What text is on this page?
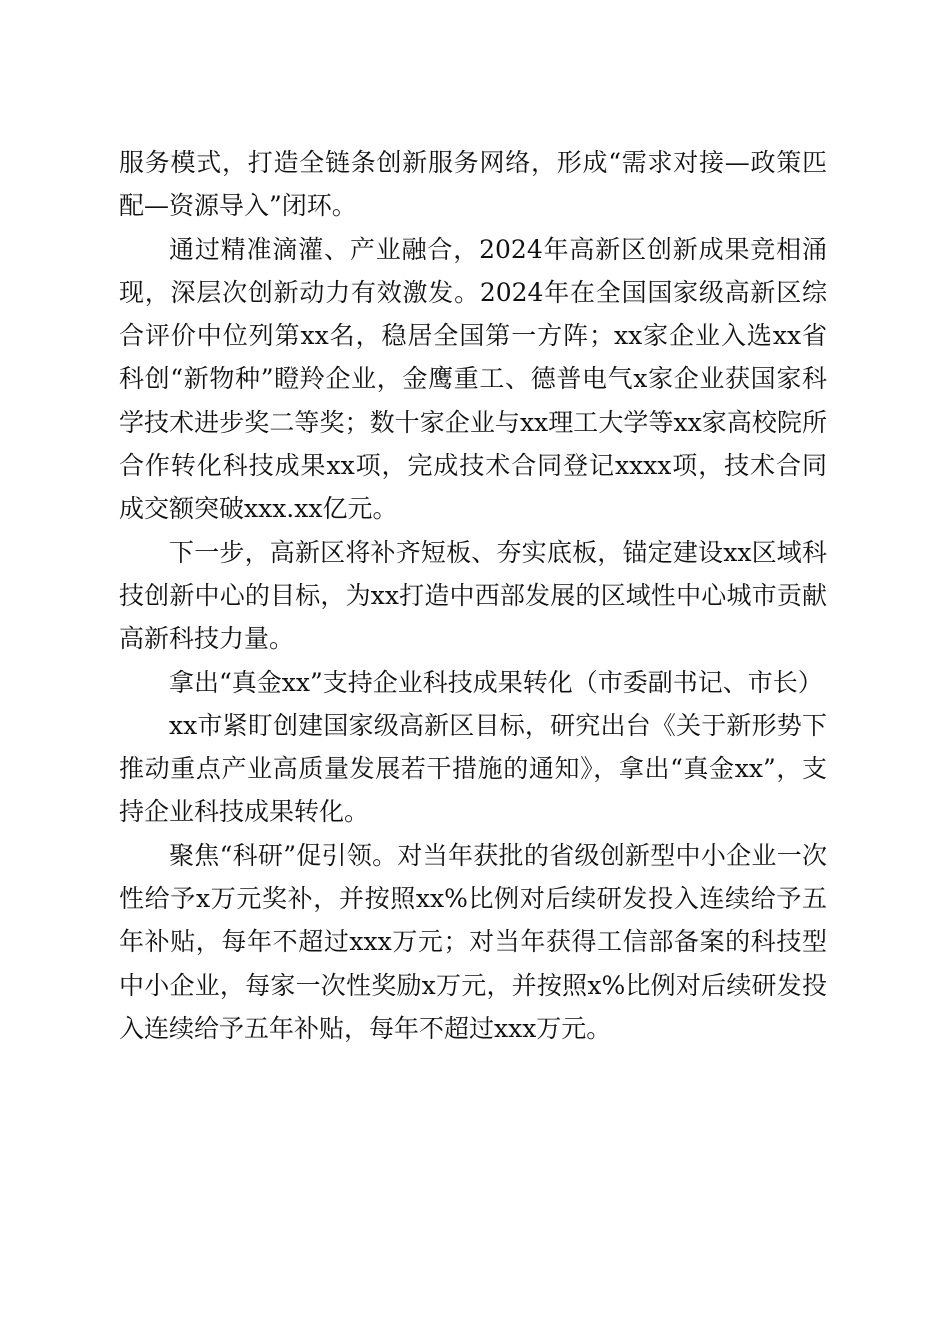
服务模式，打造全链条创新服务网络，形成“需求对接—政策匹配—资源导入”闭环。

通过精准滴灌、产业融合，2024年高新区创新成果竞相涌现，深层次创新动力有效激发。2024年在全国国家级高新区综合评价中位列第xx名，稳居全国第一方阵；xx家企业入选xx省科创“新物种”瞪羚企业，金鹰重工、德普电气x家企业获国家科学技术进步奖二等奖；数十家企业与xx理工大学等xx家高校院所合作转化科技成果xx项，完成技术合同登记xxxx项，技术合同成交额突破xxx.xx亿元。

下一步，高新区将补齐短板、夯实底板，锚定建设xx区域科技创新中心的目标，为xx打造中西部发展的区域性中心城市贡献高新科技力量。

拿出“真金xx”支持企业科技成果转化（市委副书记、市长）

xx市紧盯创建国家级高新区目标，研究出台《关于新形势下推动重点产业高质量发展若干措施的通知》，拿出“真金xx”，支持企业科技成果转化。

聚焦“科研”促引领。对当年获批的省级创新型中小企业一次性给予x万元奖补，并按照xx%比例对后续研发投入连续给予五年补贴，每年不超过xxx万元；对当年获得工信部备案的科技型中小企业，每家一次性奖励x万元，并按照x%比例对后续研发投入连续给予五年补贴，每年不超过xxx万元。
